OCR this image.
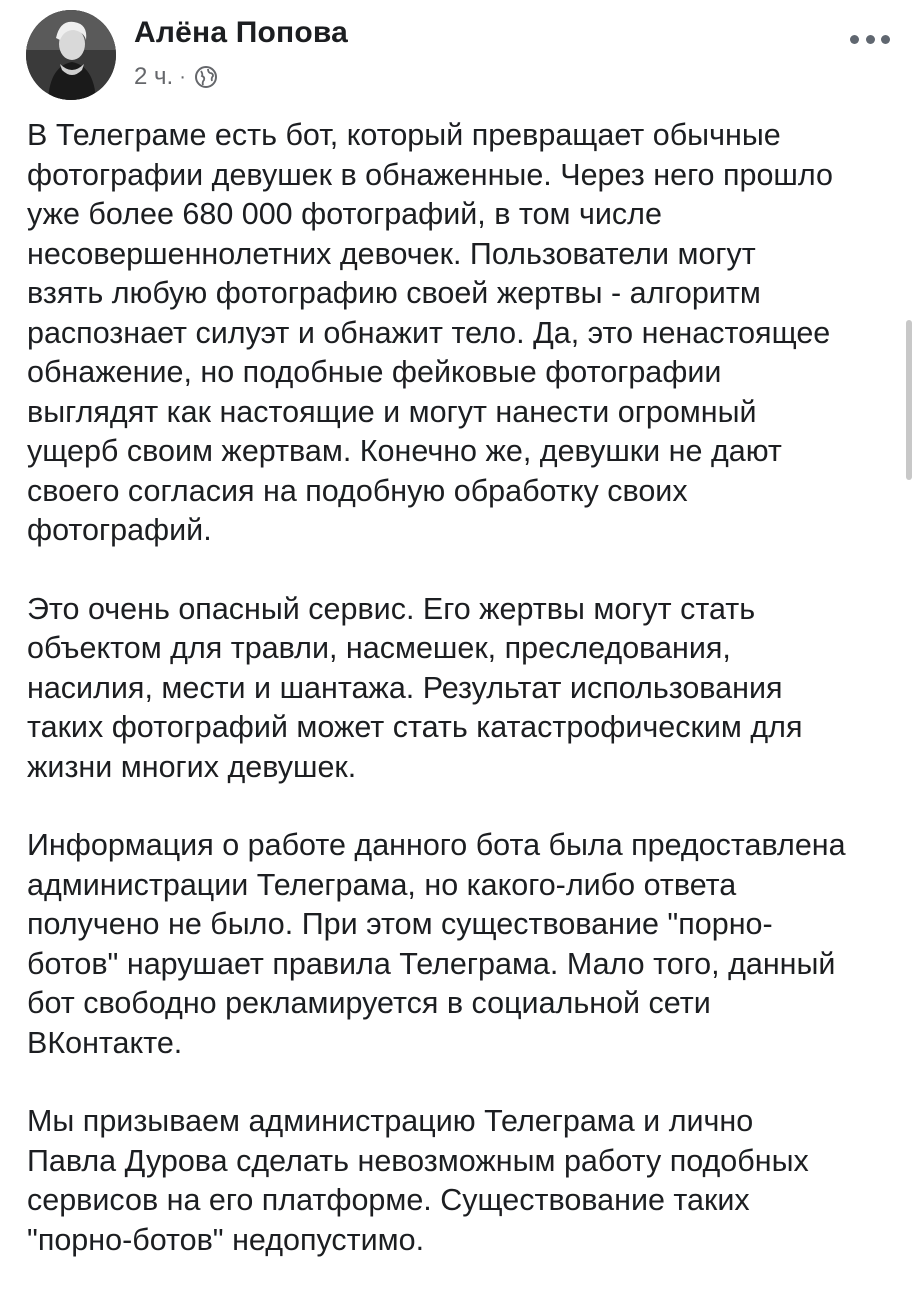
Алёна Попова
2 ч. ·

В Телеграме есть бот, который превращает обычные
фотографии девушек в обнаженные. Через него прошло
уже более 680 000 фотографий, в том числе
несовершеннолетних девочек. Пользователи могут
взять любую фотографию своей жертвы - алгоритм
распознает силуэт и обнажит тело. Да, это ненастоящее
обнажение, но подобные фейковые фотографии
выглядят как настоящие и могут нанести огромный
ущерб своим жертвам. Конечно же, девушки не дают
своего согласия на подобную обработку своих
фотографий.

Это очень опасный сервис. Его жертвы могут стать
объектом для травли, насмешек, преследования,
насилия, мести и шантажа. Результат использования
таких фотографий может стать катастрофическим для
жизни многих девушек.

Информация о работе данного бота была предоставлена
администрации Телеграма, но какого-либо ответа
получено не было. При этом существование "порно-
ботов" нарушает правила Телеграма. Мало того, данный
бот свободно рекламируется в социальной сети
ВКонтакте.

Мы призываем администрацию Телеграма и лично
Павла Дурова сделать невозможным работу подобных
сервисов на его платформе. Существование таких
"порно-ботов" недопустимо.
